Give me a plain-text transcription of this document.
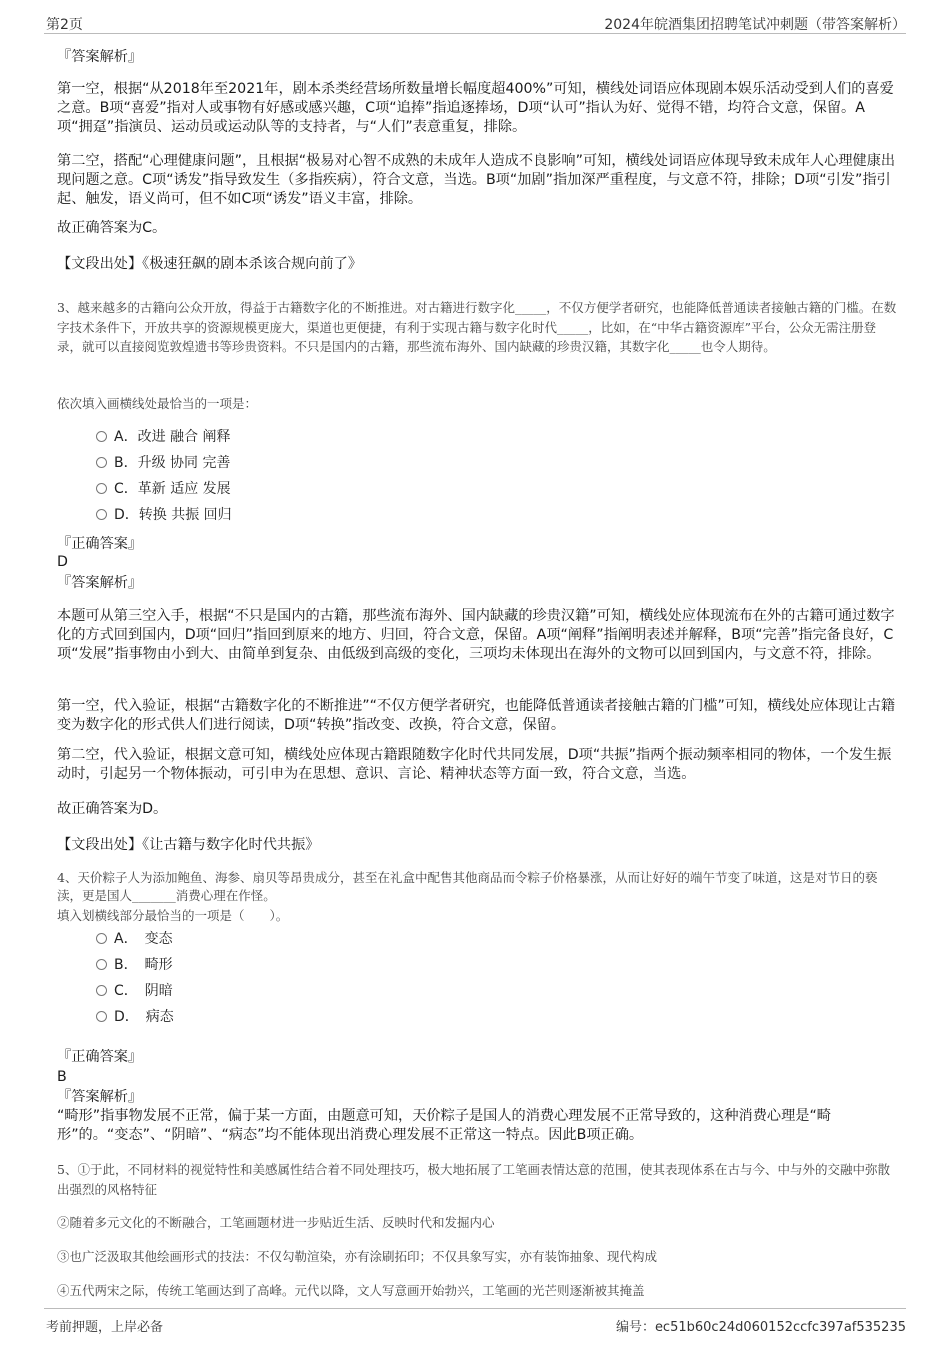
第2页	2024年皖酒集团招聘笔试冲刺题（带答案解析）
『答案解析』
第一空，根据“从2018年至2021年，剧本杀类经营场所数量增长幅度超400%”可知，横线处词语应体现剧本娱乐活动受到人们的喜爱之意。B项“喜爱”指对人或事物有好感或感兴趣，C项“追捧”指追逐捧场，D项“认可”指认为好、觉得不错，均符合文意，保留。A项“拥趸”指演员、运动员或运动队等的支持者，与“人们”表意重复，排除。
第二空，搭配“心理健康问题”，且根据“极易对心智不成熟的未成年人造成不良影响”可知，横线处词语应体现导致未成年人心理健康出现问题之意。C项“诱发”指导致发生（多指疾病），符合文意，当选。B项“加剧”指加深严重程度，与文意不符，排除；D项“引发”指引起、触发，语义尚可，但不如C项“诱发”语义丰富，排除。
故正确答案为C。
【文段出处】《极速狂飙的剧本杀该合规向前了》
3、越来越多的古籍向公众开放，得益于古籍数字化的不断推进。对古籍进行数字化_____，不仅方便学者研究，也能降低普通读者接触古籍的门槛。在数字技术条件下，开放共享的资源规模更庞大，渠道也更便捷，有利于实现古籍与数字化时代_____，比如，在“中华古籍资源库”平台，公众无需注册登录，就可以直接阅览敦煌遗书等珍贵资料。不只是国内的古籍，那些流布海外、国内缺藏的珍贵汉籍，其数字化_____也令人期待。
依次填入画横线处最恰当的一项是：
A．改进 融合 阐释
B．升级 协同 完善
C．革新 适应 发展
D．转换 共振 回归
『正确答案』
D
『答案解析』
本题可从第三空入手，根据“不只是国内的古籍，那些流布海外、国内缺藏的珍贵汉籍”可知，横线处应体现流布在外的古籍可通过数字化的方式回到国内，D项“回归”指回到原来的地方、归回，符合文意，保留。A项“阐释”指阐明表述并解释，B项“完善”指完备良好，C项“发展”指事物由小到大、由简单到复杂、由低级到高级的变化，三项均未体现出在海外的文物可以回到国内，与文意不符，排除。
第一空，代入验证，根据“古籍数字化的不断推进”“不仅方便学者研究，也能降低普通读者接触古籍的门槛”可知，横线处应体现让古籍变为数字化的形式供人们进行阅读，D项“转换”指改变、改换，符合文意，保留。
第二空，代入验证，根据文意可知，横线处应体现古籍跟随数字化时代共同发展，D项“共振”指两个振动频率相同的物体，一个发生振动时，引起另一个物体振动，可引申为在思想、意识、言论、精神状态等方面一致，符合文意，当选。
故正确答案为D。
【文段出处】《让古籍与数字化时代共振》
4、天价粽子人为添加鲍鱼、海参、扇贝等昂贵成分，甚至在礼盒中配售其他商品而令粽子价格暴涨，从而让好好的端午节变了味道，这是对节日的亵渎，更是国人_______消费心理在作怪。
填入划横线部分最恰当的一项是（　　）。
A．　变态
B．　畸形
C．　阴暗
D．　病态
『正确答案』
B
『答案解析』
“畸形”指事物发展不正常，偏于某一方面，由题意可知，天价粽子是国人的消费心理发展不正常导致的，这种消费心理是“畸形”的。“变态”、“阴暗”、“病态”均不能体现出消费心理发展不正常这一特点。因此B项正确。
5、①于此，不同材料的视觉特性和美感属性结合着不同处理技巧，极大地拓展了工笔画表情达意的范围，使其表现体系在古与今、中与外的交融中弥散出强烈的风格特征
②随着多元文化的不断融合，工笔画题材进一步贴近生活、反映时代和发掘内心
③也广泛汲取其他绘画形式的技法：不仅勾勒渲染，亦有涂刷拓印；不仅具象写实，亦有装饰抽象、现代构成
④五代两宋之际，传统工笔画达到了高峰。元代以降，文人写意画开始勃兴，工笔画的光芒则逐渐被其掩盖
考前押题，上岸必备	编号：ec51b60c24d060152ccfc397af535235
